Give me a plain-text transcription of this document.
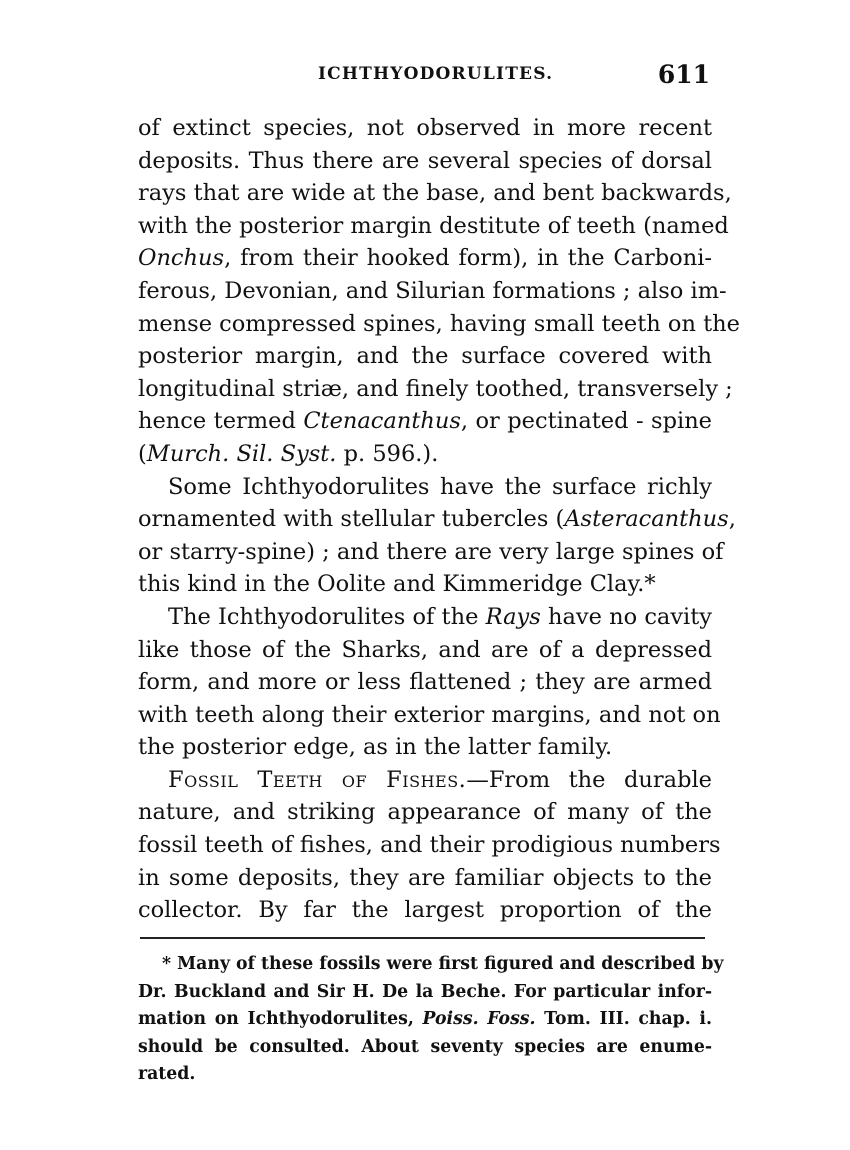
ICHTHYODORULITES.	611
of extinct species, not observed in more recent
deposits. Thus there are several species of dorsal
rays that are wide at the base, and bent backwards,
with the posterior margin destitute of teeth (named
Onchus, from their hooked form), in the Carboni-
ferous, Devonian, and Silurian formations ; also im-
mense compressed spines, having small teeth on the
posterior margin, and the surface covered with
longitudinal striæ, and finely toothed, transversely ;
hence termed Ctenacanthus, or pectinated - spine
(Murch. Sil. Syst. p. 596.).
Some Ichthyodorulites have the surface richly
ornamented with stellular tubercles (Asteracanthus,
or starry-spine) ; and there are very large spines of
this kind in the Oolite and Kimmeridge Clay.*
The Ichthyodorulites of the Rays have no cavity
like those of the Sharks, and are of a depressed
form, and more or less flattened ; they are armed
with teeth along their exterior margins, and not on
the posterior edge, as in the latter family.
Fossil Teeth of Fishes.—From the durable
nature, and striking appearance of many of the
fossil teeth of fishes, and their prodigious numbers
in some deposits, they are familiar objects to the
collector. By far the largest proportion of the
* Many of these fossils were first figured and described by
Dr. Buckland and Sir H. De la Beche. For particular infor-
mation on Ichthyodorulites, Poiss. Foss. Tom. III. chap. i.
should be consulted. About seventy species are enume-
rated.
